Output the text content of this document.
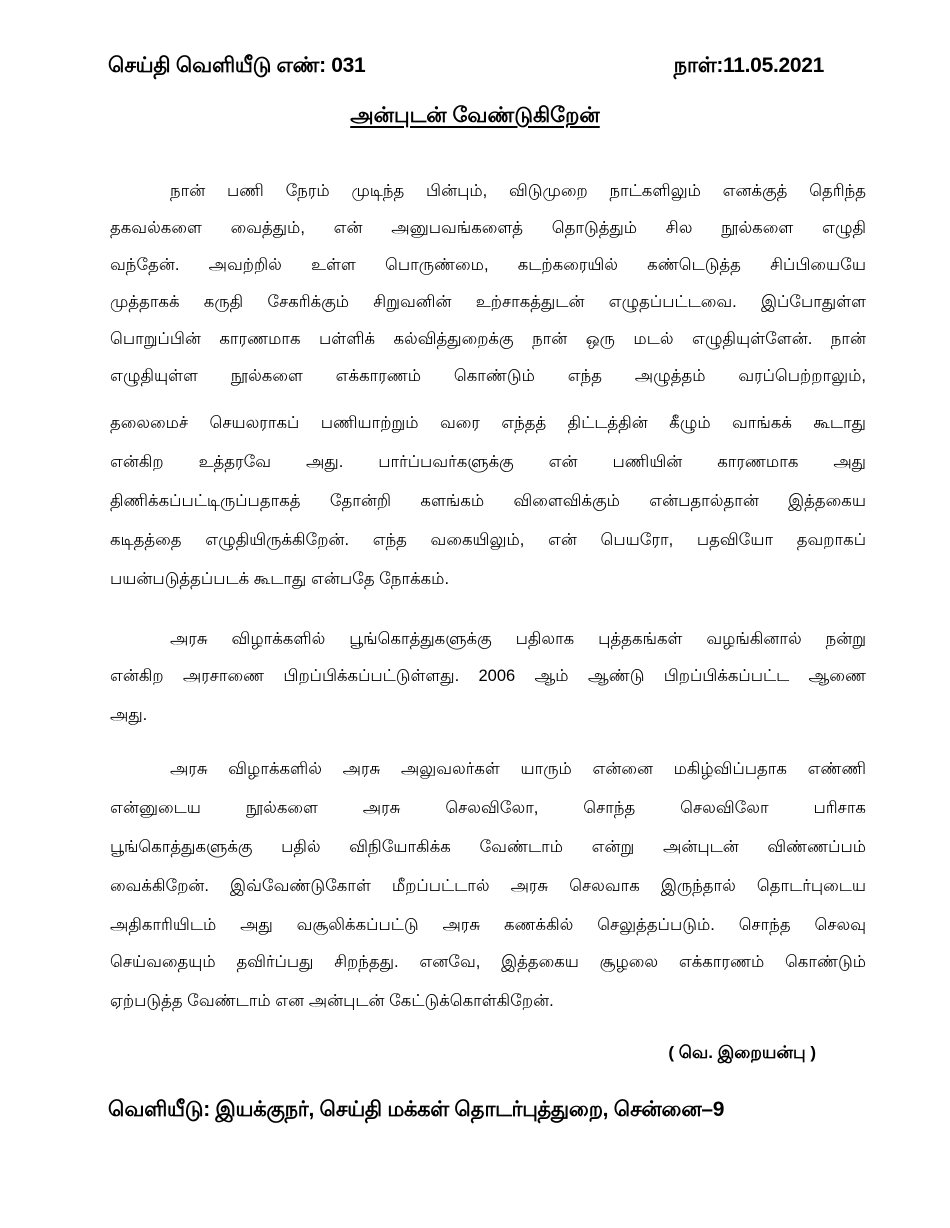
செய்தி வெளியீடு எண்: 031	நாள்:11.05.2021
அன்புடன் வேண்டுகிறேன்
நான் பணி நேரம் முடிந்த பின்பும், விடுமுறை நாட்களிலும் எனக்குத் தெரிந்த
தகவல்களை வைத்தும், என் அனுபவங்களைத் தொடுத்தும் சில நூல்களை எழுதி
வந்தேன். அவற்றில் உள்ள பொருண்மை, கடற்கரையில் கண்டெடுத்த சிப்பியையே
முத்தாகக் கருதி சேகரிக்கும் சிறுவனின் உற்சாகத்துடன் எழுதப்பட்டவை. இப்போதுள்ள
பொறுப்பின் காரணமாக பள்ளிக் கல்வித்துறைக்கு நான் ஒரு மடல் எழுதியுள்ளேன். நான்
எழுதியுள்ள நூல்களை எக்காரணம் கொண்டும் எந்த அழுத்தம் வரப்பெற்றாலும்,
தலைமைச் செயலராகப் பணியாற்றும் வரை எந்தத் திட்டத்தின் கீழும் வாங்கக் கூடாது
என்கிற உத்தரவே அது. பார்ப்பவர்களுக்கு என் பணியின் காரணமாக அது
திணிக்கப்பட்டிருப்பதாகத் தோன்றி களங்கம் விளைவிக்கும் என்பதால்தான் இத்தகைய
கடிதத்தை எழுதியிருக்கிறேன். எந்த வகையிலும், என் பெயரோ, பதவியோ தவறாகப்
பயன்படுத்தப்படக் கூடாது என்பதே நோக்கம்.
அரசு விழாக்களில் பூங்கொத்துகளுக்கு பதிலாக புத்தகங்கள் வழங்கினால் நன்று
என்கிற அரசாணை பிறப்பிக்கப்பட்டுள்ளது. 2006 ஆம் ஆண்டு பிறப்பிக்கப்பட்ட ஆணை
அது.
அரசு விழாக்களில் அரசு அலுவலர்கள் யாரும் என்னை மகிழ்விப்பதாக எண்ணி
என்னுடைய நூல்களை அரசு செலவிலோ, சொந்த செலவிலோ பரிசாக
பூங்கொத்துகளுக்கு பதில் விநியோகிக்க வேண்டாம் என்று அன்புடன் விண்ணப்பம்
வைக்கிறேன். இவ்வேண்டுகோள் மீறப்பட்டால் அரசு செலவாக இருந்தால் தொடர்புடைய
அதிகாரியிடம் அது வசூலிக்கப்பட்டு அரசு கணக்கில் செலுத்தப்படும். சொந்த செலவு
செய்வதையும் தவிர்ப்பது சிறந்தது. எனவே, இத்தகைய சூழலை எக்காரணம் கொண்டும்
ஏற்படுத்த வேண்டாம் என அன்புடன் கேட்டுக்கொள்கிறேன்.
( வெ. இறையன்பு )
வெளியீடு: இயக்குநர், செய்தி மக்கள் தொடர்புத்துறை, சென்னை–9
